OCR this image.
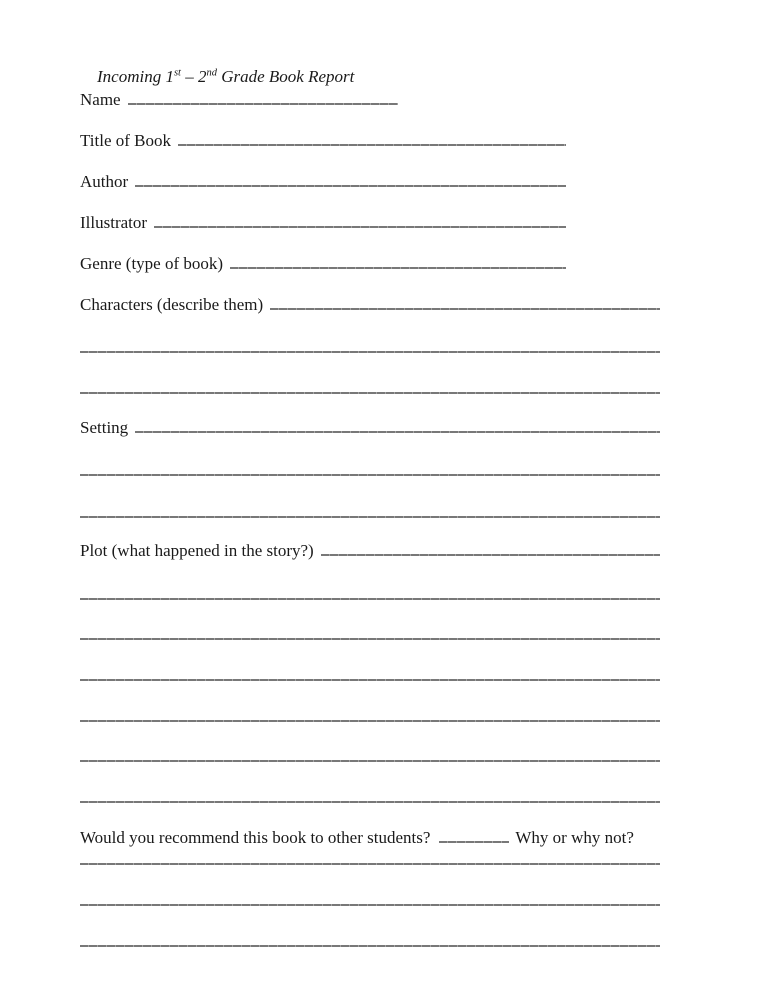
Incoming 1st – 2nd Grade Book Report

Name
Title of Book
Author
Illustrator
Genre (type of book)
Characters (describe them)
Setting
Plot (what happened in the story?)
Would you recommend this book to other students?	Why or why not?
